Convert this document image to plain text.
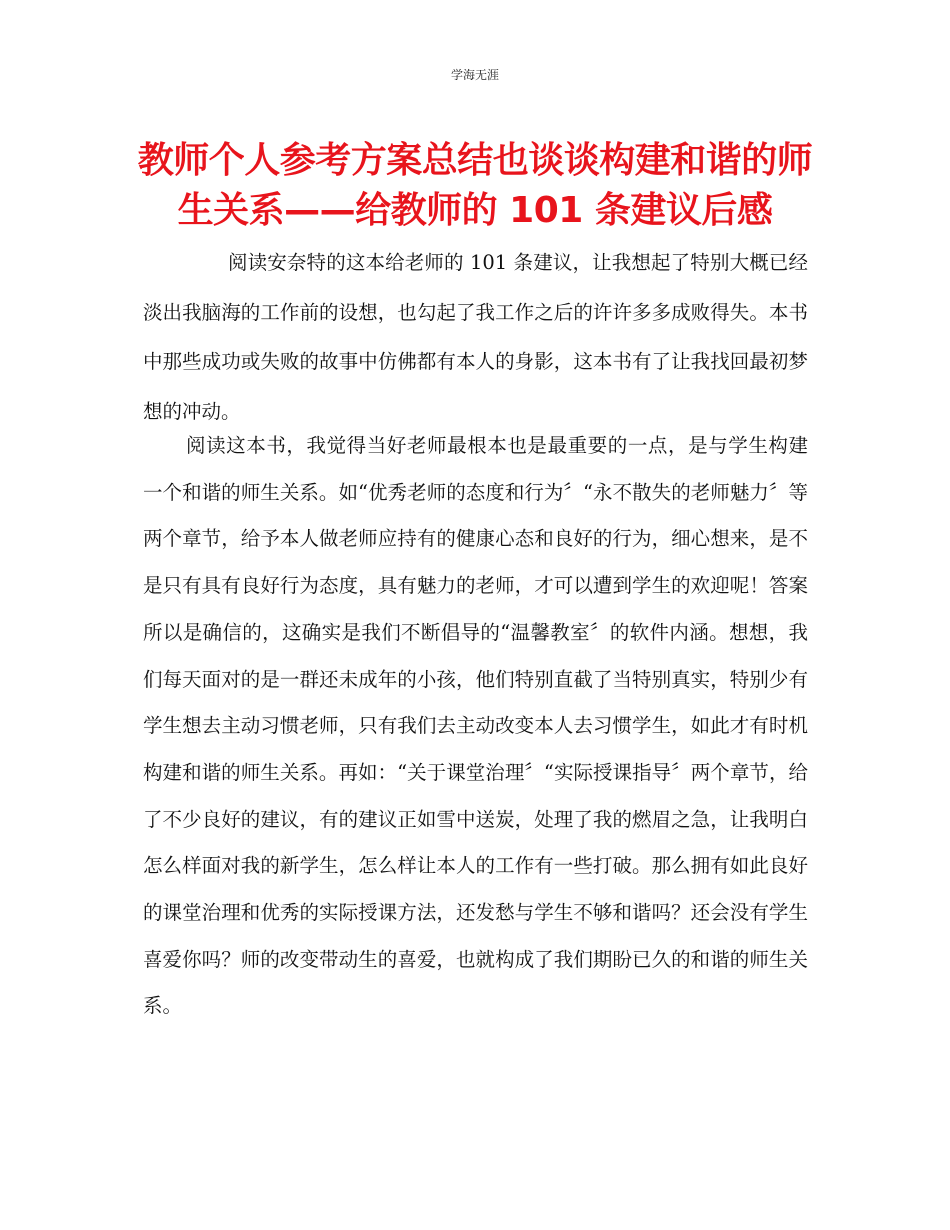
学海无涯
教师个人参考方案总结也谈谈构建和谐的师生关系——给教师的 101 条建议后感

阅读安奈特的这本给老师的 101 条建议，让我想起了特别大概已经淡出我脑海的工作前的设想，也勾起了我工作之后的许许多多成败得失。本书中那些成功或失败的故事中仿佛都有本人的身影，这本书有了让我找回最初梦想的冲动。

阅读这本书，我觉得当好老师最根本也是最重要的一点，是与学生构建一个和谐的师生关系。如“优秀老师的态度和行为〞“永不散失的老师魅力〞等两个章节，给予本人做老师应持有的健康心态和良好的行为，细心想来，是不是只有具有良好行为态度，具有魅力的老师，才可以遭到学生的欢迎呢！答案所以是确信的，这确实是我们不断倡导的“温馨教室〞的软件内涵。想想，我们每天面对的是一群还未成年的小孩，他们特别直截了当特别真实，特别少有学生想去主动习惯老师，只有我们去主动改变本人去习惯学生，如此才有时机构建和谐的师生关系。再如：“关于课堂治理〞“实际授课指导〞两个章节，给了不少良好的建议，有的建议正如雪中送炭，处理了我的燃眉之急，让我明白怎么样面对我的新学生，怎么样让本人的工作有一些打破。那么拥有如此良好的课堂治理和优秀的实际授课方法，还发愁与学生不够和谐吗？还会没有学生喜爱你吗？师的改变带动生的喜爱，也就构成了我们期盼已久的和谐的师生关系。
